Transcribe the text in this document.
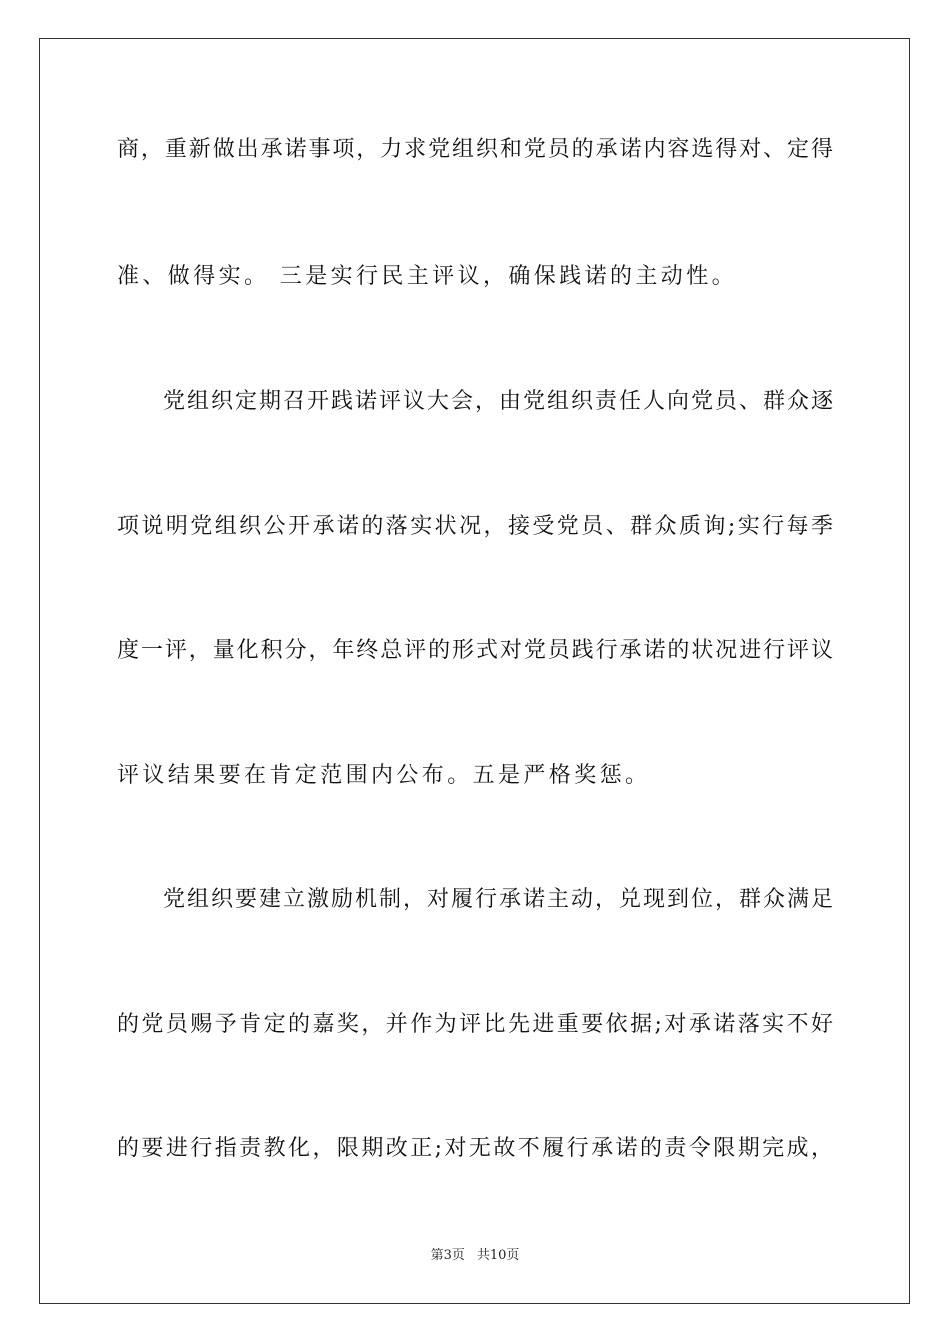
商，重新做出承诺事项，力求党组织和党员的承诺内容选得对、定得
准、做得实。 三是实行民主评议，确保践诺的主动性。
党组织定期召开践诺评议大会，由党组织责任人向党员、群众逐
项说明党组织公开承诺的落实状况，接受党员、群众质询;实行每季
度一评，量化积分，年终总评的形式对党员践行承诺的状况进行评议
评议结果要在肯定范围内公布。五是严格奖惩。
党组织要建立激励机制，对履行承诺主动，兑现到位，群众满足
的党员赐予肯定的嘉奖，并作为评比先进重要依据;对承诺落实不好
的要进行指责教化，限期改正;对无故不履行承诺的责令限期完成，
第3页 共10页
